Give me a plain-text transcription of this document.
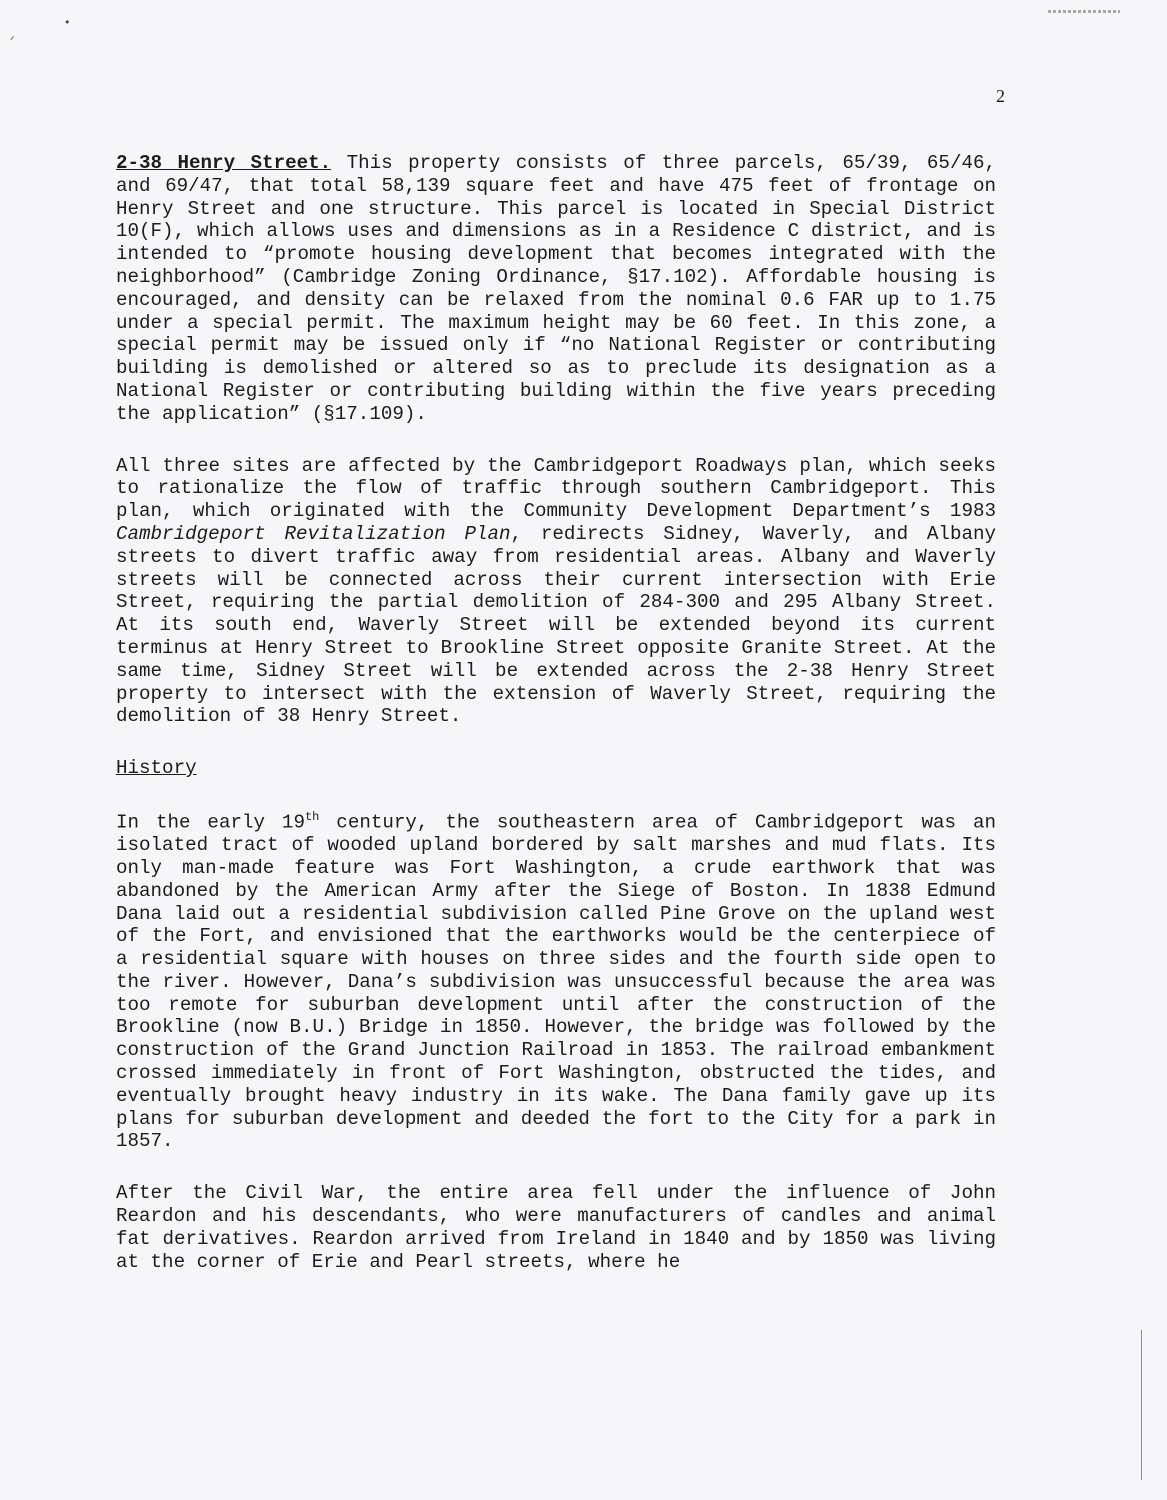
•
ᐟ
2

2-38 Henry Street. This property consists of three parcels, 65/39, 65/46, and 69/47, that total 58,139 square feet and have 475 feet of frontage on Henry Street and one structure. This parcel is located in Special District 10(F), which allows uses and dimensions as in a Residence C district, and is intended to “promote housing development that becomes integrated with the neighborhood” (Cambridge Zoning Ordinance, §17.102). Affordable housing is encouraged, and density can be relaxed from the nominal 0.6 FAR up to 1.75 under a special permit. The maximum height may be 60 feet. In this zone, a special permit may be issued only if “no National Register or contributing building is demolished or altered so as to preclude its designation as a National Register or contributing building within the five years preceding the application” (§17.109).

All three sites are affected by the Cambridgeport Roadways plan, which seeks to rationalize the flow of traffic through southern Cambridgeport. This plan, which originated with the Community Development Department’s 1983 Cambridgeport Revitalization Plan, redirects Sidney, Waverly, and Albany streets to divert traffic away from residential areas. Albany and Waverly streets will be connected across their current intersection with Erie Street, requiring the partial demolition of 284-300 and 295 Albany Street. At its south end, Waverly Street will be extended beyond its current terminus at Henry Street to Brookline Street opposite Granite Street. At the same time, Sidney Street will be extended across the 2-38 Henry Street property to intersect with the extension of Waverly Street, requiring the demolition of 38 Henry Street.

History

In the early 19th century, the southeastern area of Cambridgeport was an isolated tract of wooded upland bordered by salt marshes and mud flats. Its only man-made feature was Fort Washington, a crude earthwork that was abandoned by the American Army after the Siege of Boston. In 1838 Edmund Dana laid out a residential subdivision called Pine Grove on the upland west of the Fort, and envisioned that the earthworks would be the centerpiece of a residential square with houses on three sides and the fourth side open to the river. However, Dana’s subdivision was unsuccessful because the area was too remote for suburban development until after the construction of the Brookline (now B.U.) Bridge in 1850. However, the bridge was followed by the construction of the Grand Junction Railroad in 1853. The railroad embankment crossed immediately in front of Fort Washington, obstructed the tides, and eventually brought heavy industry in its wake. The Dana family gave up its plans for suburban development and deeded the fort to the City for a park in 1857.

After the Civil War, the entire area fell under the influence of John Reardon and his descendants, who were manufacturers of candles and animal fat derivatives. Reardon arrived from Ireland in 1840 and by 1850 was living at the corner of Erie and Pearl streets, where he
